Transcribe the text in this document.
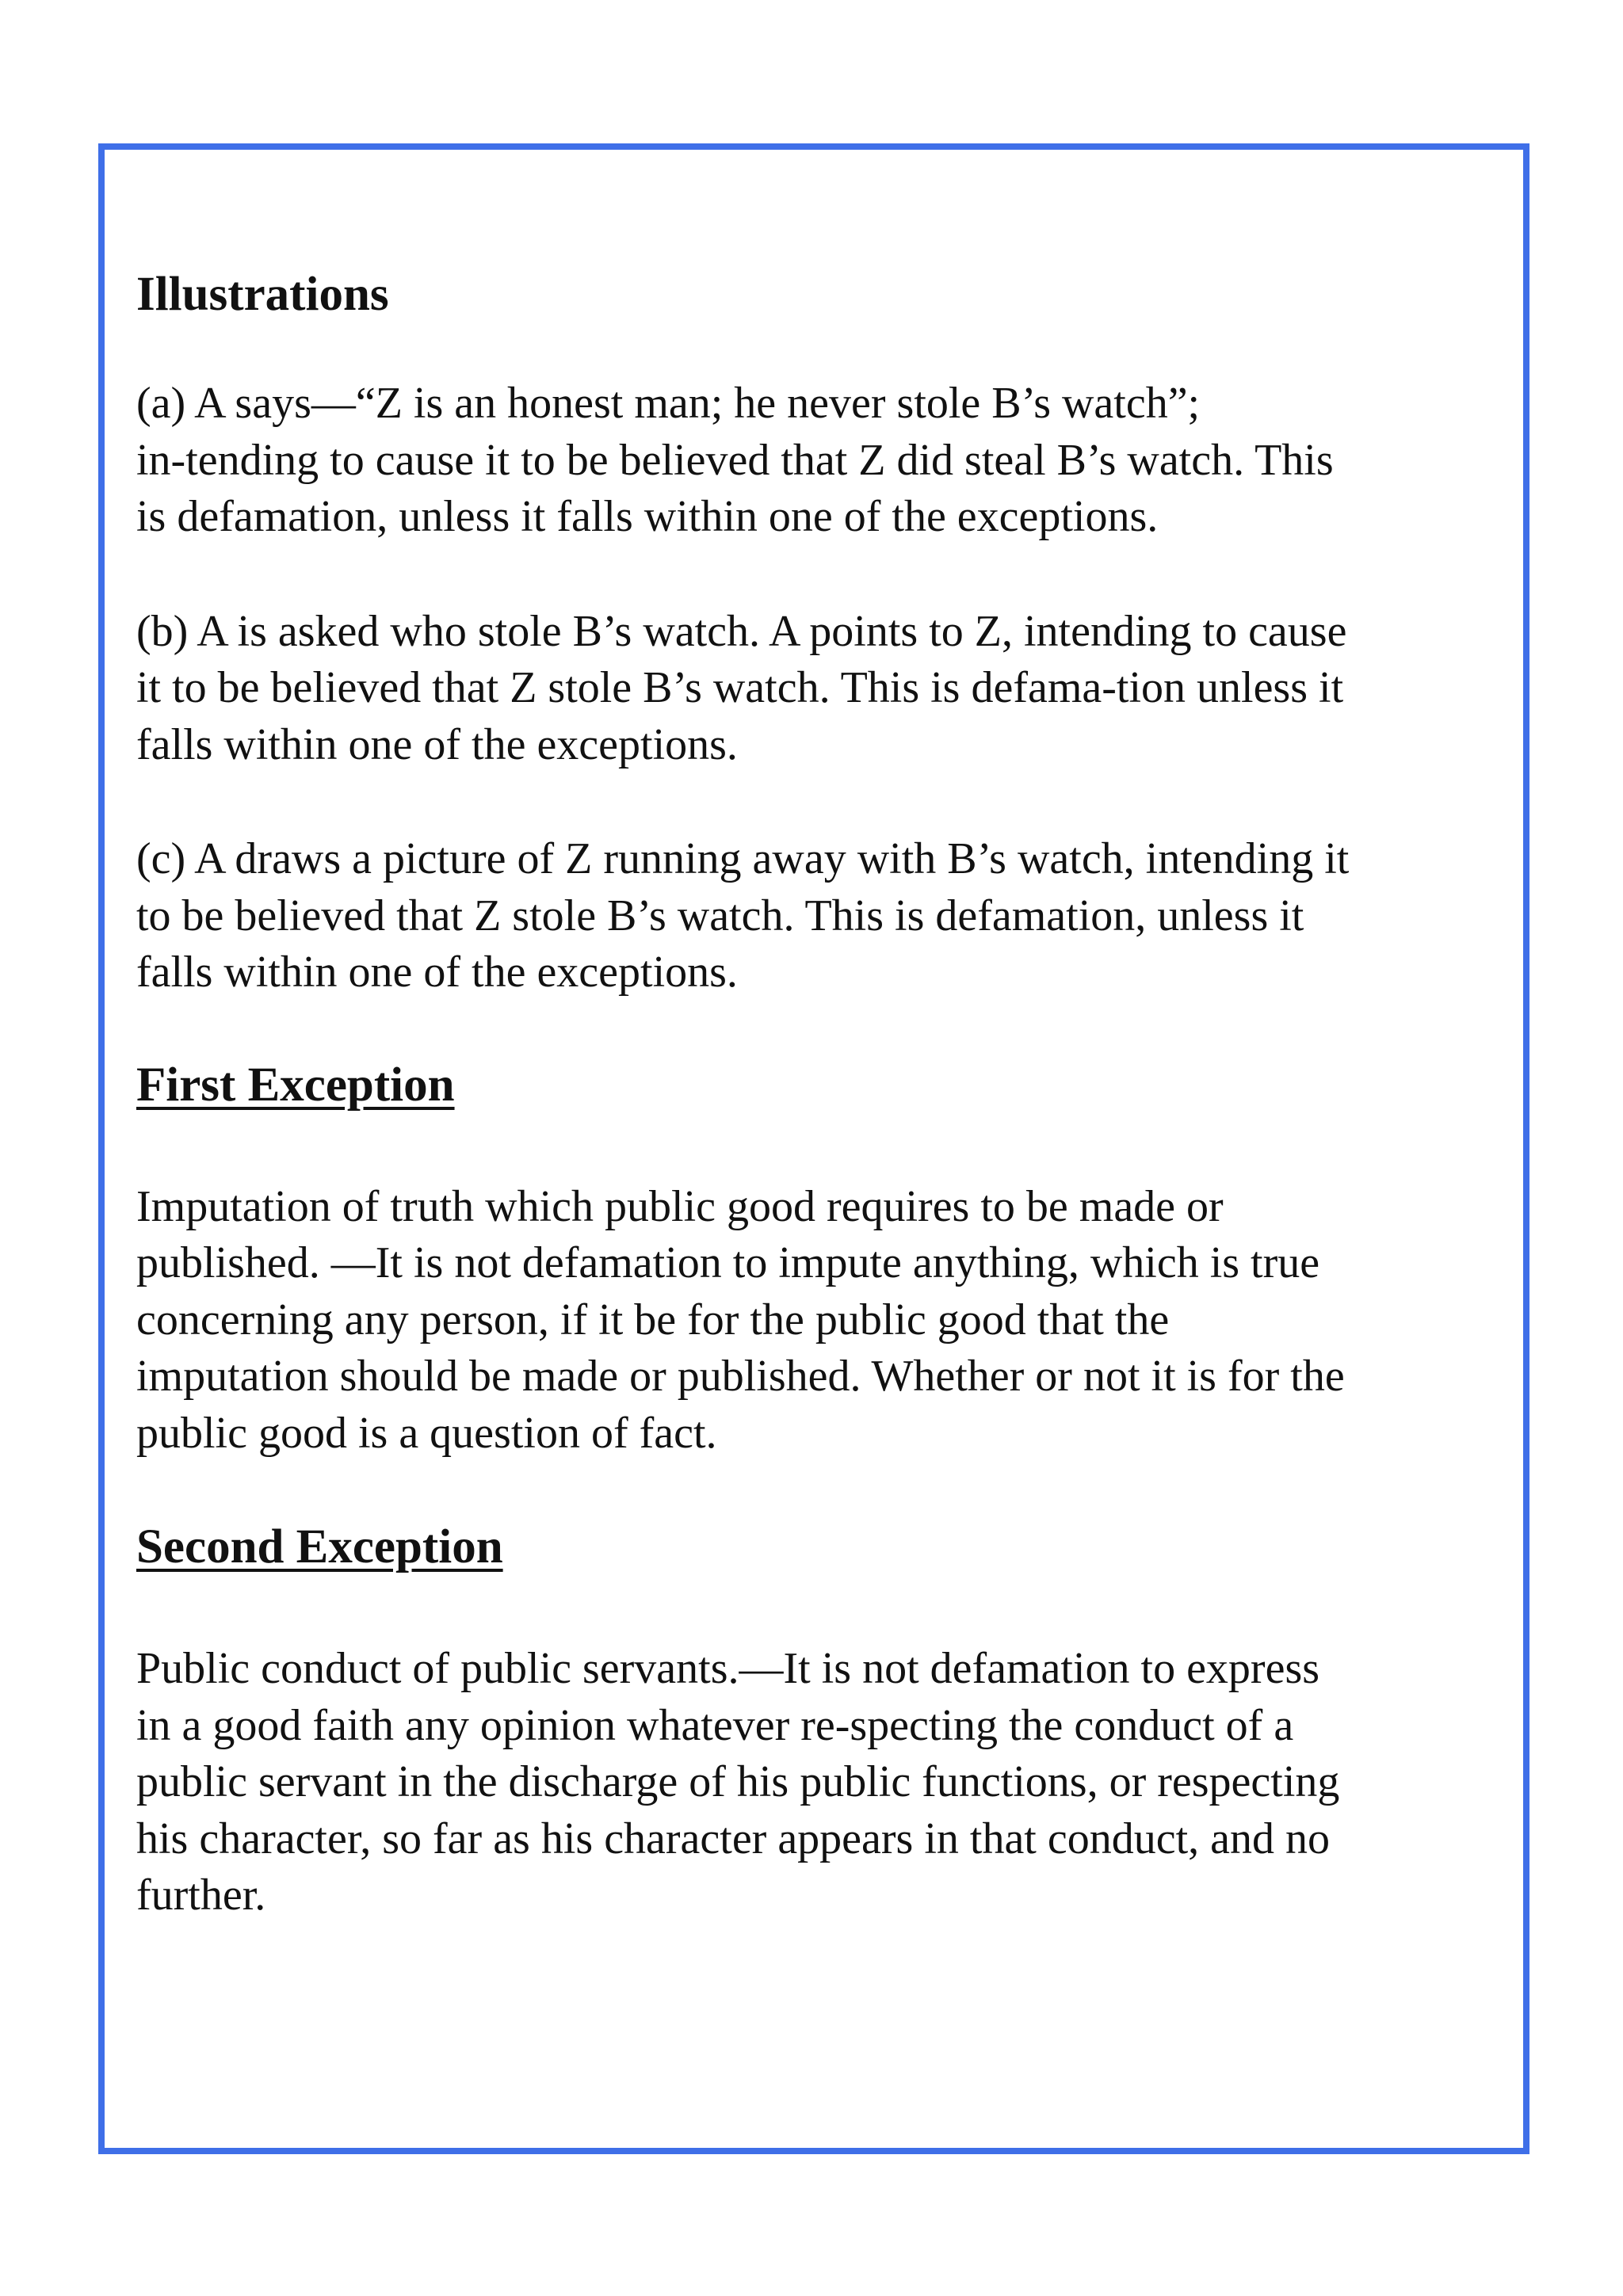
Illustrations

(a) A says—“Z is an honest man; he never stole B’s watch”;
in-tending to cause it to be believed that Z did steal B’s watch. This
is defamation, unless it falls within one of the exceptions.

(b) A is asked who stole B’s watch. A points to Z, intending to cause
it to be believed that Z stole B’s watch. This is defama-tion unless it
falls within one of the exceptions.

(c) A draws a picture of Z running away with B’s watch, intending it
to be believed that Z stole B’s watch. This is defamation, unless it
falls within one of the exceptions.

First Exception

Imputation of truth which public good requires to be made or
published. —It is not defamation to impute anything, which is true
concerning any person, if it be for the public good that the
imputation should be made or published. Whether or not it is for the
public good is a question of fact.

Second Exception

Public conduct of public servants.—It is not defamation to express
in a good faith any opinion whatever re-specting the conduct of a
public servant in the discharge of his public functions, or respecting
his character, so far as his character appears in that conduct, and no
further.
